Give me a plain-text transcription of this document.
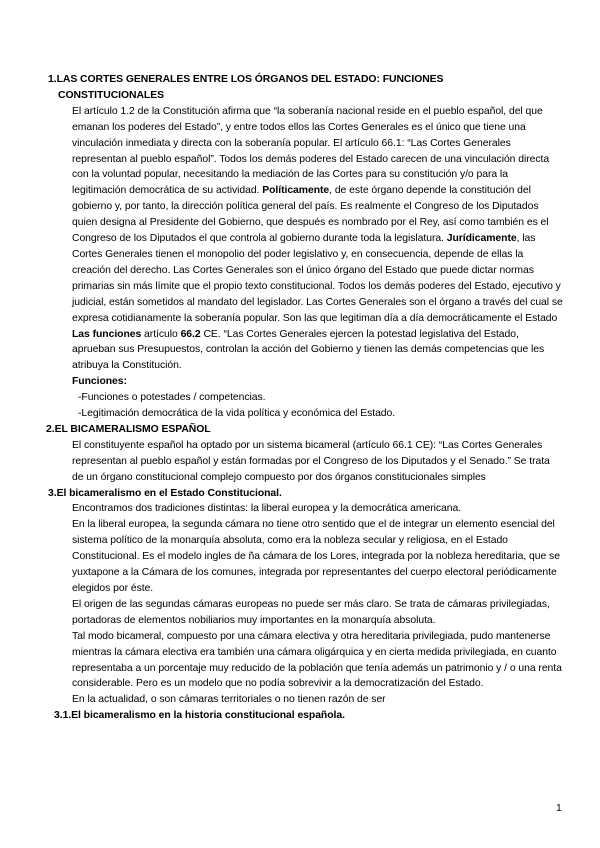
1.LAS CORTES GENERALES ENTRE LOS ÓRGANOS DEL ESTADO: FUNCIONES
CONSTITUCIONALES

El artículo 1.2 de la Constitución afirma que “la soberanía nacional reside en el pueblo español, del que emanan los poderes del Estado”, y entre todos ellos las Cortes Generales es el único que tiene una vinculación inmediata y directa con la soberanía popular. El artículo 66.1: “Las Cortes Generales representan al pueblo español”. Todos los demás poderes del Estado carecen de una vinculación directa con la voluntad popular, necesitando la mediación de las Cortes para su constitución y/o para la legitimación democrática de su actividad. Políticamente, de este órgano depende la constitución del gobierno y, por tanto, la dirección política general del país. Es realmente el Congreso de los Diputados quien designa al Presidente del Gobierno, que después es nombrado por el Rey, así como también es el Congreso de los Diputados el que controla al gobierno durante toda la legislatura. Jurídicamente, las Cortes Generales tienen el monopolio del poder legislativo y, en consecuencia, depende de ellas la creación del derecho. Las Cortes Generales son el único órgano del Estado que puede dictar normas primarias sin más límite que el propio texto constitucional. Todos los demás poderes del Estado, ejecutivo y judicial, están sometidos al mandato del legislador. Las Cortes Generales son el órgano a través del cual se expresa cotidianamente la soberanía popular. Son las que legitiman día a día democráticamente el Estado Las funciones artículo 66.2 CE. “Las Cortes Generales ejercen la potestad legislativa del Estado, aprueban sus Presupuestos, controlan la acción del Gobierno y tienen las demás competencias que les atribuya la Constitución.

Funciones:

-Funciones o potestades / competencias.

-Legitimación democrática de la vida política y económica del Estado.

2.EL BICAMERALISMO ESPAÑOL

El constituyente español ha optado por un sistema bicameral (artículo 66.1 CE): “Las Cortes Generales representan al pueblo español y están formadas por el Congreso de los Diputados y el Senado.” Se trata de un órgano constitucional complejo compuesto por dos órganos constitucionales simples

3.El bicameralismo en el Estado Constitucional.

Encontramos dos tradiciones distintas: la liberal europea y la democrática americana.

En la liberal europea, la segunda cámara no tiene otro sentido que el de integrar un elemento esencial del sistema político de la monarquía absoluta, como era la nobleza secular y religiosa, en el Estado Constitucional. Es el modelo ingles de ña cámara de los Lores, integrada por la nobleza hereditaria, que se yuxtapone a la Cámara de los comunes, integrada por representantes del cuerpo electoral periódicamente elegidos por éste.

El origen de las segundas cámaras europeas no puede ser más claro. Se trata de cámaras privilegiadas, portadoras de elementos nobiliarios muy importantes en la monarquía absoluta.

Tal modo bicameral, compuesto por una cámara electiva y otra hereditaria privilegiada, pudo mantenerse mientras la cámara electiva era también una cámara oligárquica y en cierta medida privilegiada, en cuanto representaba a un porcentaje muy reducido de la población que tenía además un patrimonio y / o una renta considerable. Pero es un modelo que no podía sobrevivir a la democratización del Estado.

En la actualidad, o son cámaras territoriales o no tienen razón de ser

3.1.El bicameralismo en la historia constitucional española.

1
